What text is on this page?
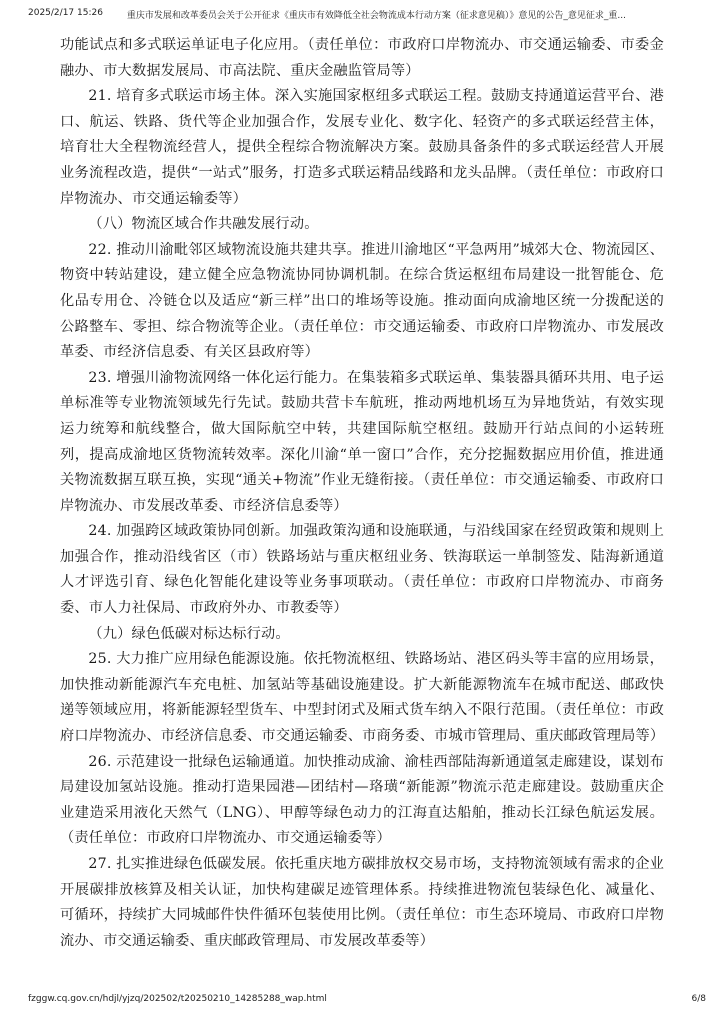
2025/2/17 15:26	重庆市发展和改革委员会关于公开征求《重庆市有效降低全社会物流成本行动方案（征求意见稿）》意见的公告_意见征求_重...

功能试点和多式联运单证电子化应用。（责任单位：市政府口岸物流办、市交通运输委、市委金融办、市大数据发展局、市高法院、重庆金融监管局等）

21. 培育多式联运市场主体。深入实施国家枢纽多式联运工程。鼓励支持通道运营平台、港口、航运、铁路、货代等企业加强合作，发展专业化、数字化、轻资产的多式联运经营主体，培育壮大全程物流经营人，提供全程综合物流解决方案。鼓励具备条件的多式联运经营人开展业务流程改造，提供“一站式”服务，打造多式联运精品线路和龙头品牌。（责任单位：市政府口岸物流办、市交通运输委等）

（八）物流区域合作共融发展行动。

22. 推动川渝毗邻区域物流设施共建共享。推进川渝地区“平急两用”城郊大仓、物流园区、物资中转站建设，建立健全应急物流协同协调机制。在综合货运枢纽布局建设一批智能仓、危化品专用仓、冷链仓以及适应“新三样”出口的堆场等设施。推动面向成渝地区统一分拨配送的公路整车、零担、综合物流等企业。（责任单位：市交通运输委、市政府口岸物流办、市发展改革委、市经济信息委、有关区县政府等）

23. 增强川渝物流网络一体化运行能力。在集装箱多式联运单、集装器具循环共用、电子运单标准等专业物流领域先行先试。鼓励共营卡车航班，推动两地机场互为异地货站，有效实现运力统筹和航线整合，做大国际航空中转，共建国际航空枢纽。鼓励开行站点间的小运转班列，提高成渝地区货物流转效率。深化川渝“单一窗口”合作，充分挖掘数据应用价值，推进通关物流数据互联互换，实现“通关+物流”作业无缝衔接。（责任单位：市交通运输委、市政府口岸物流办、市发展改革委、市经济信息委等）

24. 加强跨区域政策协同创新。加强政策沟通和设施联通，与沿线国家在经贸政策和规则上加强合作，推动沿线省区（市）铁路场站与重庆枢纽业务、铁海联运一单制签发、陆海新通道人才评选引育、绿色化智能化建设等业务事项联动。（责任单位：市政府口岸物流办、市商务委、市人力社保局、市政府外办、市教委等）

（九）绿色低碳对标达标行动。

25. 大力推广应用绿色能源设施。依托物流枢纽、铁路场站、港区码头等丰富的应用场景，加快推动新能源汽车充电桩、加氢站等基础设施建设。扩大新能源物流车在城市配送、邮政快递等领域应用，将新能源轻型货车、中型封闭式及厢式货车纳入不限行范围。（责任单位：市政府口岸物流办、市经济信息委、市交通运输委、市商务委、市城市管理局、重庆邮政管理局等）

26. 示范建设一批绿色运输通道。加快推动成渝、渝桂西部陆海新通道氢走廊建设，谋划布局建设加氢站设施。推动打造果园港—团结村—珞璜“新能源”物流示范走廊建设。鼓励重庆企业建造采用液化天然气（LNG）、甲醇等绿色动力的江海直达船舶，推动长江绿色航运发展。（责任单位：市政府口岸物流办、市交通运输委等）

27. 扎实推进绿色低碳发展。依托重庆地方碳排放权交易市场，支持物流领域有需求的企业开展碳排放核算及相关认证，加快构建碳足迹管理体系。持续推进物流包装绿色化、减量化、可循环，持续扩大同城邮件快件循环包装使用比例。（责任单位：市生态环境局、市政府口岸物流办、市交通运输委、重庆邮政管理局、市发展改革委等）

fzggw.cq.gov.cn/hdjl/yjzq/202502/t20250210_14285288_wap.html	6/8
